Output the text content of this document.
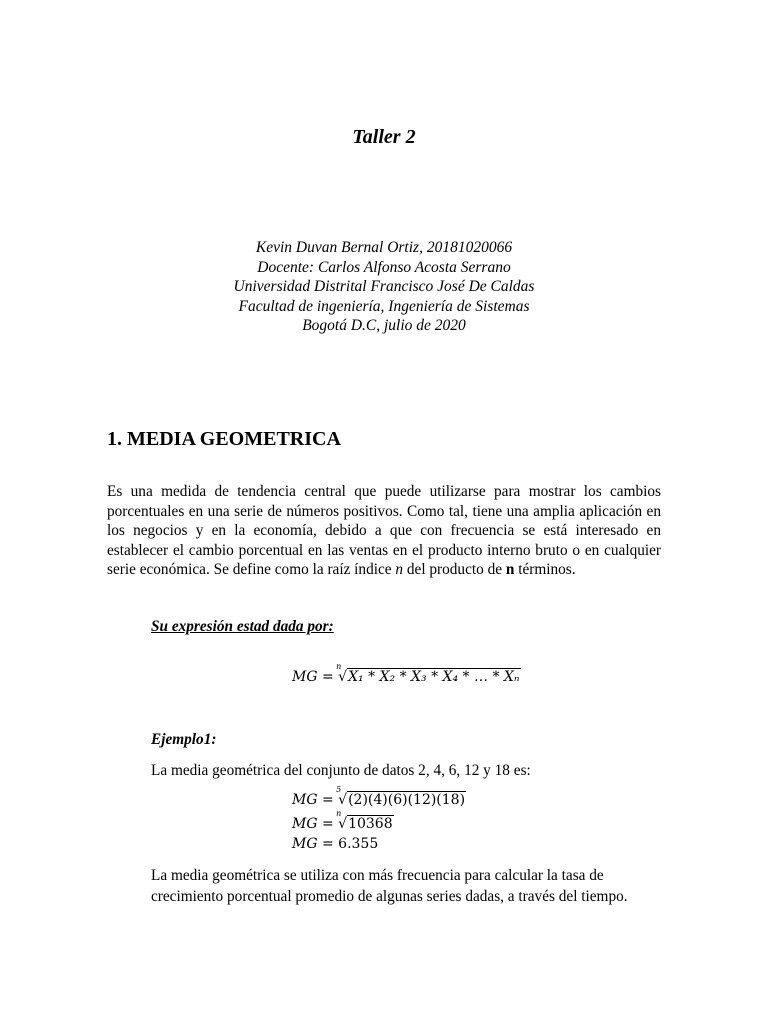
Taller 2
Kevin Duvan Bernal Ortiz, 20181020066
Docente: Carlos Alfonso Acosta Serrano
Universidad Distrital Francisco José De Caldas
Facultad de ingeniería, Ingeniería de Sistemas
Bogotá D.C, julio de 2020
1. MEDIA GEOMETRICA
Es una medida de tendencia central que puede utilizarse para mostrar los cambios porcentuales en una serie de números positivos. Como tal, tiene una amplia aplicación en los negocios y en la economía, debido a que con frecuencia se está interesado en establecer el cambio porcentual en las ventas en el producto interno bruto o en cualquier serie económica. Se define como la raíz índice n del producto de n términos.
Su expresión estad dada por:
MG =
n
√X₁ * X₂ * X₃ * X₄ * … * Xₙ
Ejemplo1:
La media geométrica del conjunto de datos 2, 4, 6, 12 y 18 es:
MG =
5
√(2)(4)(6)(12)(18)
MG =
n
√10368
MG = 6.355
La media geométrica se utiliza con más frecuencia para calcular la tasa de crecimiento porcentual promedio de algunas series dadas, a través del tiempo.
